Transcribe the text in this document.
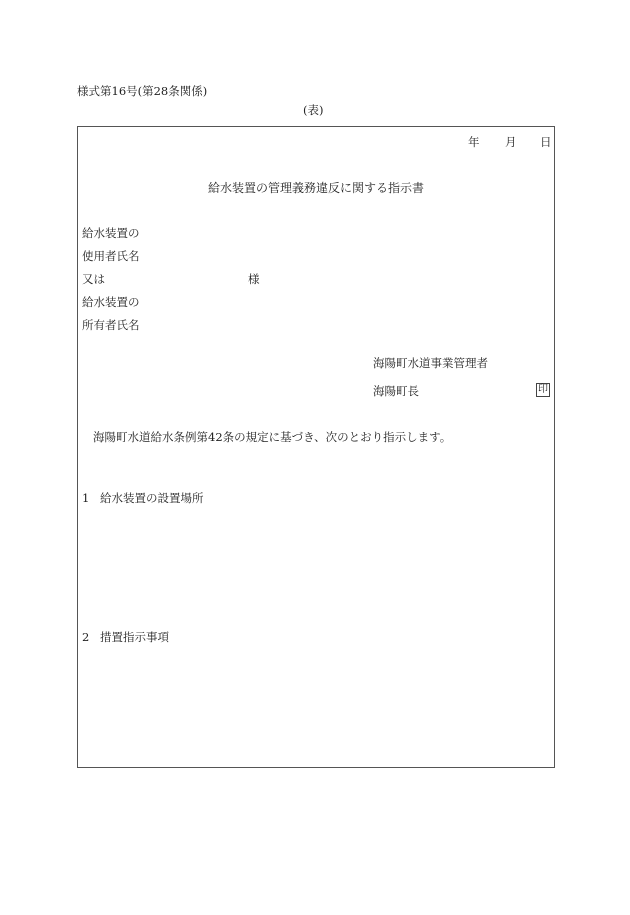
様式第16号(第28条関係)
(表)
年 月 日
給水装置の管理義務違反に関する指示書
給水装置の
使用者氏名
又は
給水装置の
所有者氏名
様
海陽町水道事業管理者
海陽町長	印
海陽町水道給水条例第42条の規定に基づき、次のとおり指示します。
1 給水装置の設置場所
2 措置指示事項
